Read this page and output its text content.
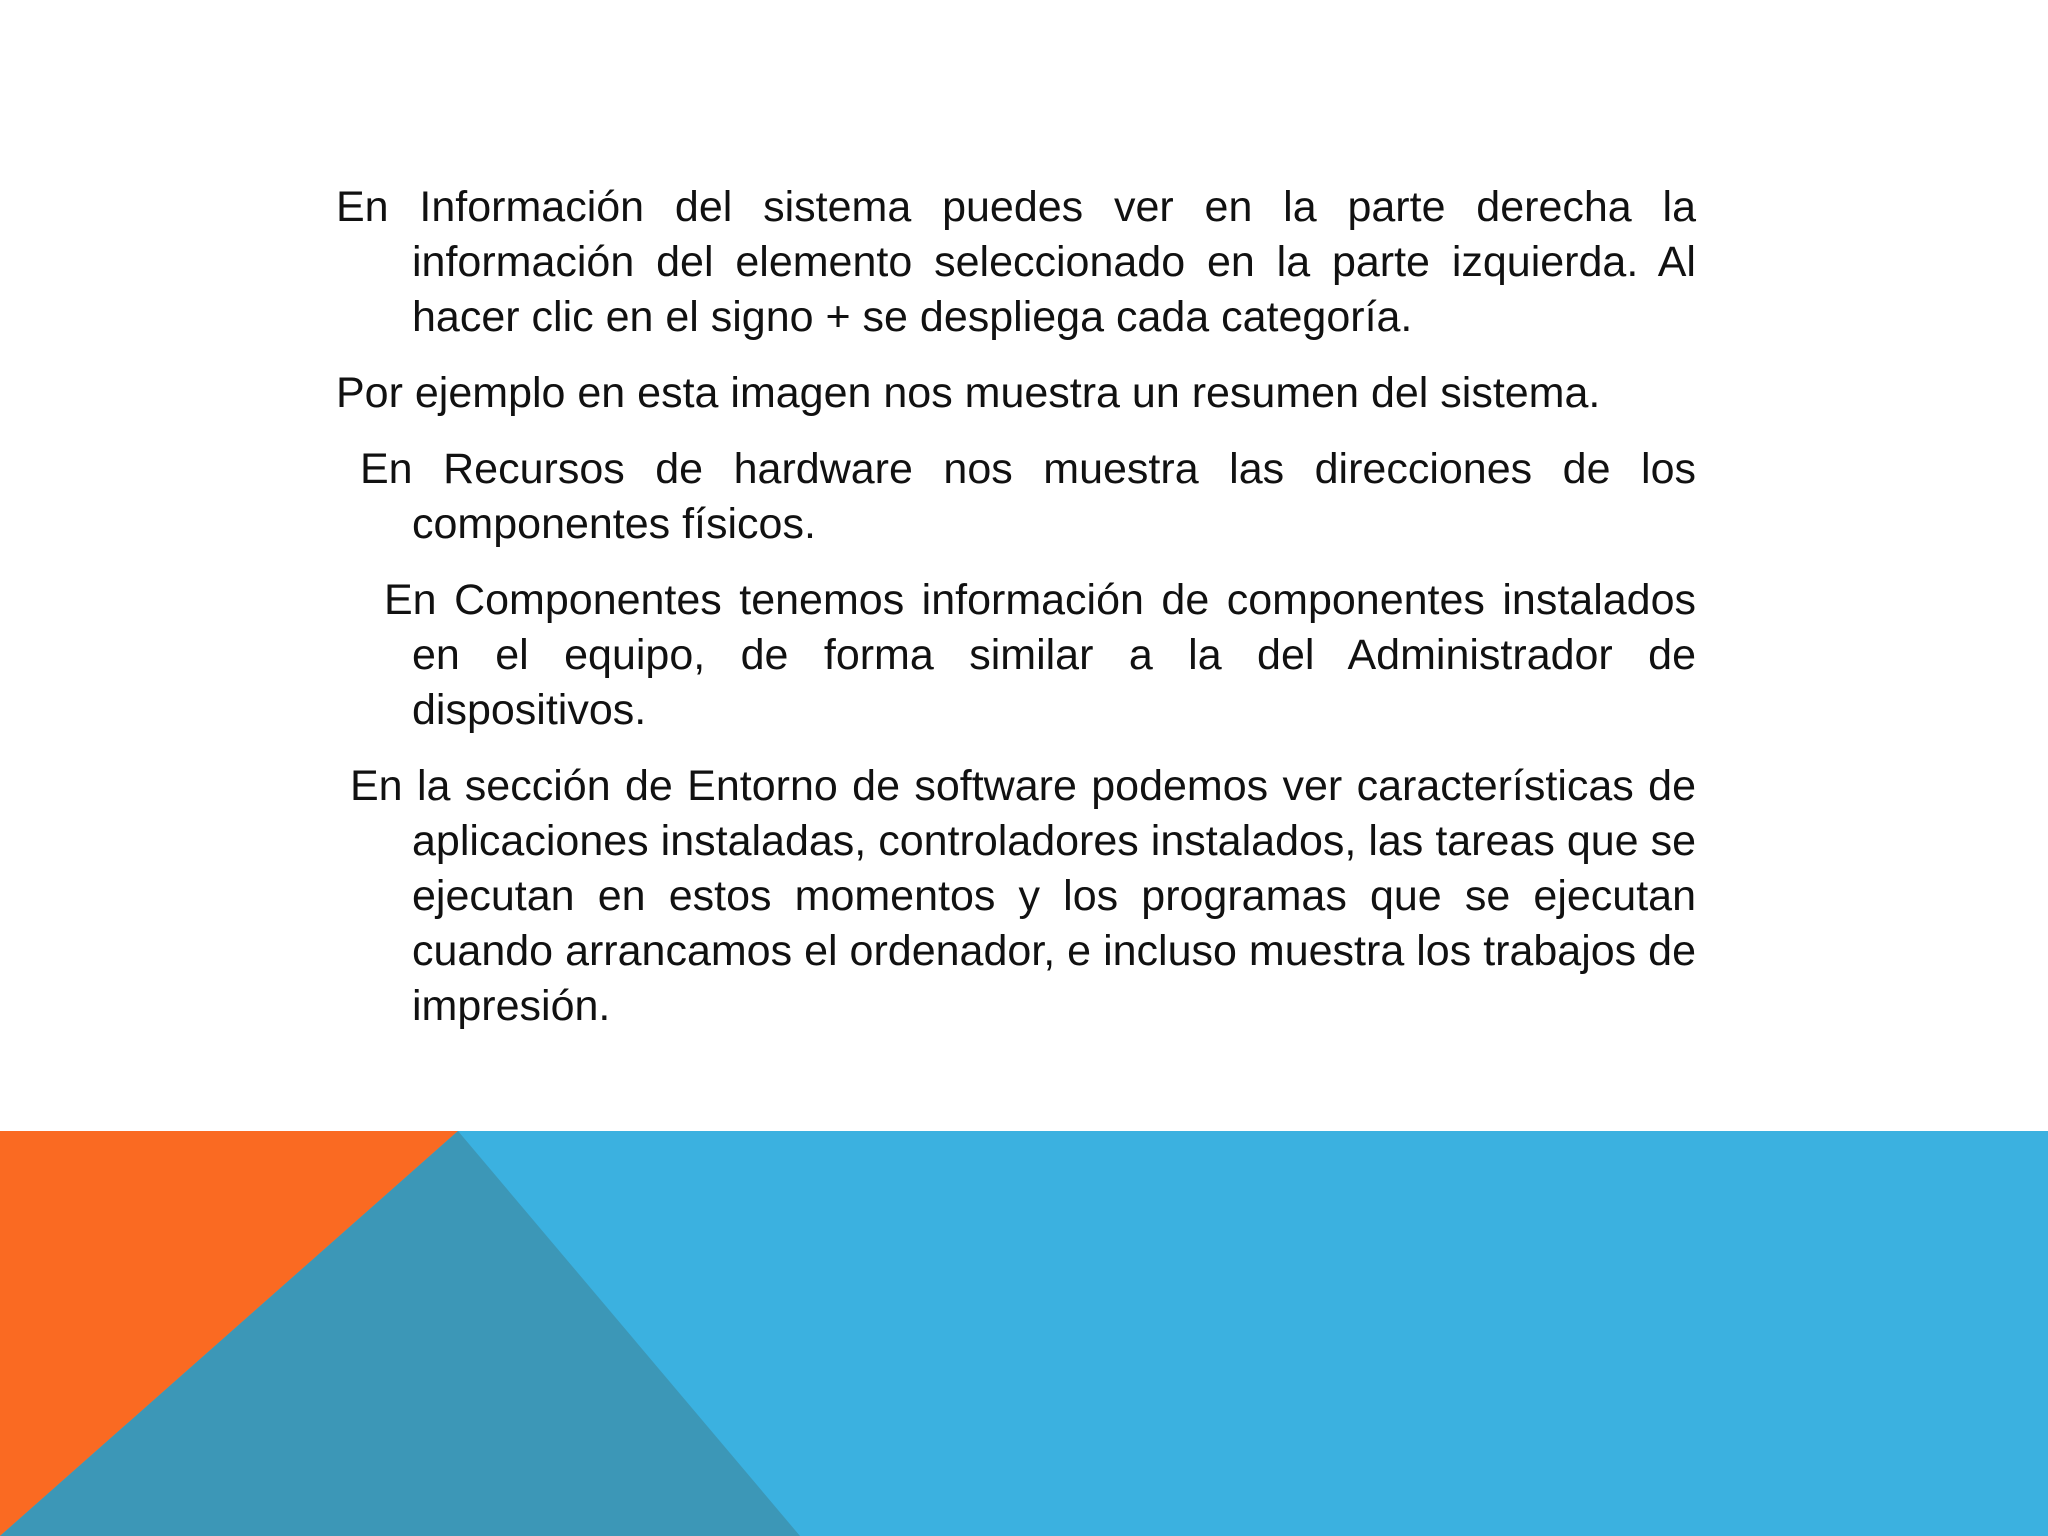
En Información del sistema puedes ver en la parte derecha la información del elemento seleccionado en la parte izquierda. Al hacer clic en el signo + se despliega cada categoría.

Por ejemplo en esta imagen nos muestra un resumen del sistema.

En Recursos de hardware nos muestra las direcciones de los componentes físicos.

En Componentes tenemos información de componentes instalados en el equipo, de forma similar a la del Administrador de dispositivos.

En la sección de Entorno de software podemos ver características de aplicaciones instaladas, controladores instalados, las tareas que se ejecutan en estos momentos y los programas que se ejecutan cuando arrancamos el ordenador, e incluso muestra los trabajos de impresión.
